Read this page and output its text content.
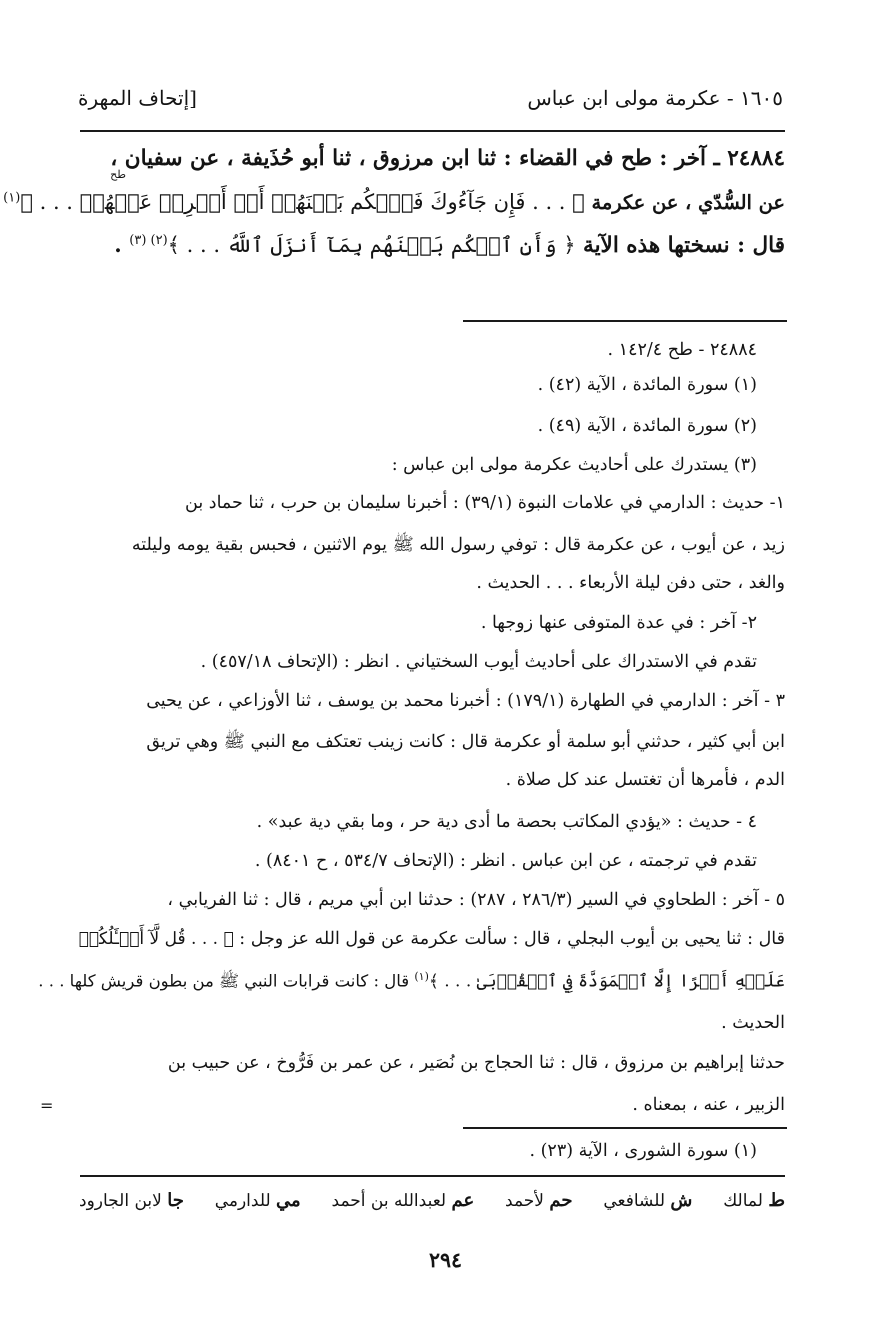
١٦٠٥ - عكرمة مولى ابن عباس
[إتحاف المهرة
٢٤٨٨٤ ـ آخر : طح في القضاء : ثنا ابن مرزوق ، ثنا أبو حُذَيفة ، عن سفيان ،
طح
عن السُّدّي ، عن عكرمة ﴿ . . . فَإِن جَآءُوكَ فَٱحۡكُم بَيۡنَهُمۡ أَوۡ أَعۡرِضۡ عَنۡهُمۡ . . . ﴾$^{(١)}$
قال : نسختها هذه الآية ﴿ وَأَنِ ٱحۡكُم بَيۡنَهُم بِمَآ أَنزَلَ ٱللَّهُ . . . ﴾$^{(٢) (٣)}$ .
٢٤٨٨٤ - طح ١٤٢/٤ .
(١) سورة المائدة ، الآية (٤٢) .
(٢) سورة المائدة ، الآية (٤٩) .
(٣) يستدرك على أحاديث عكرمة مولى ابن عباس :
١- حديث : الدارمي في علامات النبوة (٣٩/١) : أخبرنا سليمان بن حرب ، ثنا حماد بن
زيد ، عن أيوب ، عن عكرمة قال : توفي رسول الله ﷺ يوم الاثنين ، فحبس بقية يومه وليلته
والغد ، حتى دفن ليلة الأربعاء . . . الحديث .
٢- آخر : في عدة المتوفى عنها زوجها .
تقدم في الاستدراك على أحاديث أيوب السختياني . انظر : (الإتحاف ٤٥٧/١٨) .
٣ - آخر : الدارمي في الطهارة (١٧٩/١) : أخبرنا محمد بن يوسف ، ثنا الأوزاعي ، عن يحيى
ابن أبي كثير ، حدثني أبو سلمة أو عكرمة قال : كانت زينب تعتكف مع النبي ﷺ وهي تريق
الدم ، فأمرها أن تغتسل عند كل صلاة .
٤ - حديث : «يؤدي المكاتب بحصة ما أدى دية حر ، وما بقي دية عبد» .
تقدم في ترجمته ، عن ابن عباس . انظر : (الإتحاف ٥٣٤/٧ ، ح ٨٤٠١) .
٥ - آخر : الطحاوي في السير (٢٨٦/٣ ، ٢٨٧) : حدثنا ابن أبي مريم ، قال : ثنا الفريابي ،
قال : ثنا يحيى بن أيوب البجلي ، قال : سألت عكرمة عن قول الله عز وجل : ﴿ . . . قُل لَّآ أَسۡـَٔلُكُمۡ
عَلَيۡهِ أَجۡرًا إِلَّا ٱلۡمَوَدَّةَ فِي ٱلۡقُرۡبَىٰ . . . ﴾$^{(١)}$ قال : كانت قرابات النبي ﷺ من بطون قريش كلها . . .
الحديث .
حدثنا إبراهيم بن مرزوق ، قال : ثنا الحجاج بن نُصَير ، عن عمر بن فَرُّوخ ، عن حبيب بن
الزبير ، عنه ، بمعناه .
=
(١) سورة الشورى ، الآية (٢٣) .
ط لمالك
ش للشافعي
حم لأحمد
عم لعبدالله بن أحمد
مي للدارمي
جا لابن الجارود
٢٩٤
